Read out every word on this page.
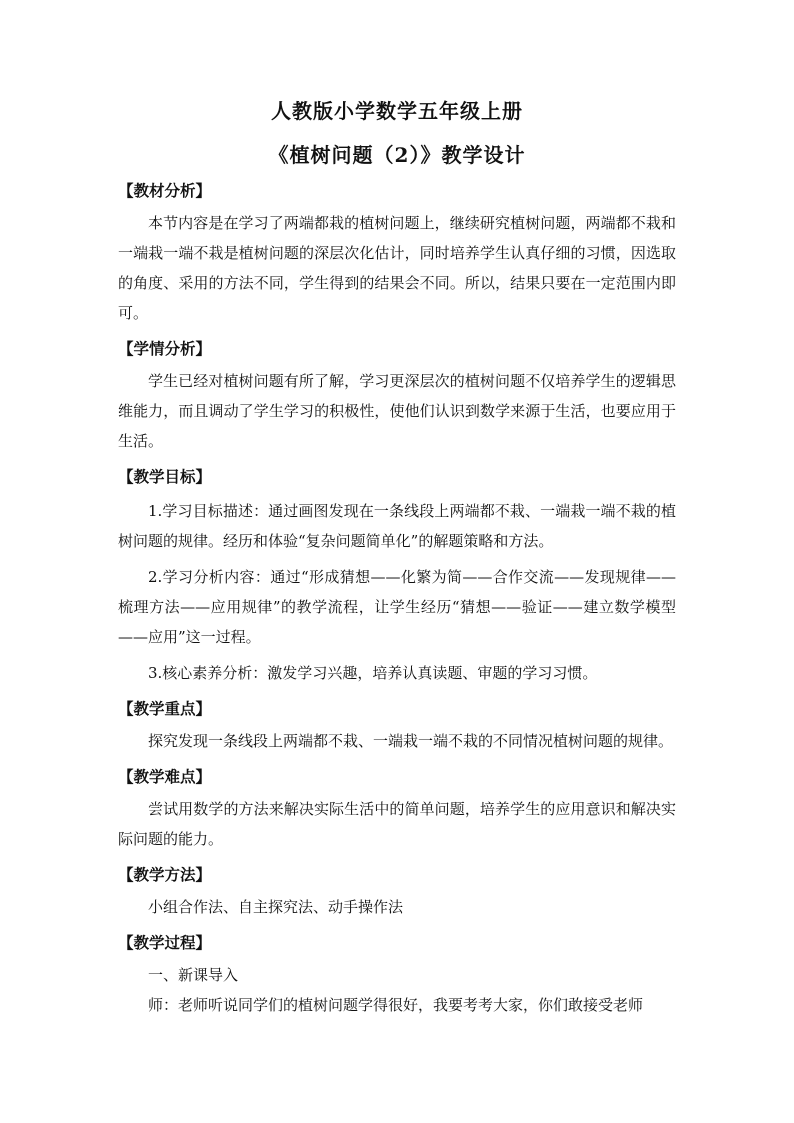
人教版小学数学五年级上册
《植树问题（2）》教学设计
【教材分析】

本节内容是在学习了两端都栽的植树问题上，继续研究植树问题，两端都不栽和一端栽一端不栽是植树问题的深层次化估计，同时培养学生认真仔细的习惯，因选取的角度、采用的方法不同，学生得到的结果会不同。所以，结果只要在一定范围内即可。

【学情分析】

学生已经对植树问题有所了解，学习更深层次的植树问题不仅培养学生的逻辑思维能力，而且调动了学生学习的积极性，使他们认识到数学来源于生活，也要应用于生活。

【教学目标】

1.学习目标描述：通过画图发现在一条线段上两端都不栽、一端栽一端不栽的植树问题的规律。经历和体验“复杂问题简单化”的解题策略和方法。

2.学习分析内容：通过“形成猜想——化繁为简——合作交流——发现规律——梳理方法——应用规律”的教学流程，让学生经历“猜想——验证——建立数学模型——应用”这一过程。

3.核心素养分析：激发学习兴趣，培养认真读题、审题的学习习惯。

【教学重点】

探究发现一条线段上两端都不栽、一端栽一端不栽的不同情况植树问题的规律。

【教学难点】

尝试用数学的方法来解决实际生活中的简单问题，培养学生的应用意识和解决实际问题的能力。

【教学方法】

小组合作法、自主探究法、动手操作法

【教学过程】

一、新课导入

师：老师听说同学们的植树问题学得很好，我要考考大家，你们敢接受老师
